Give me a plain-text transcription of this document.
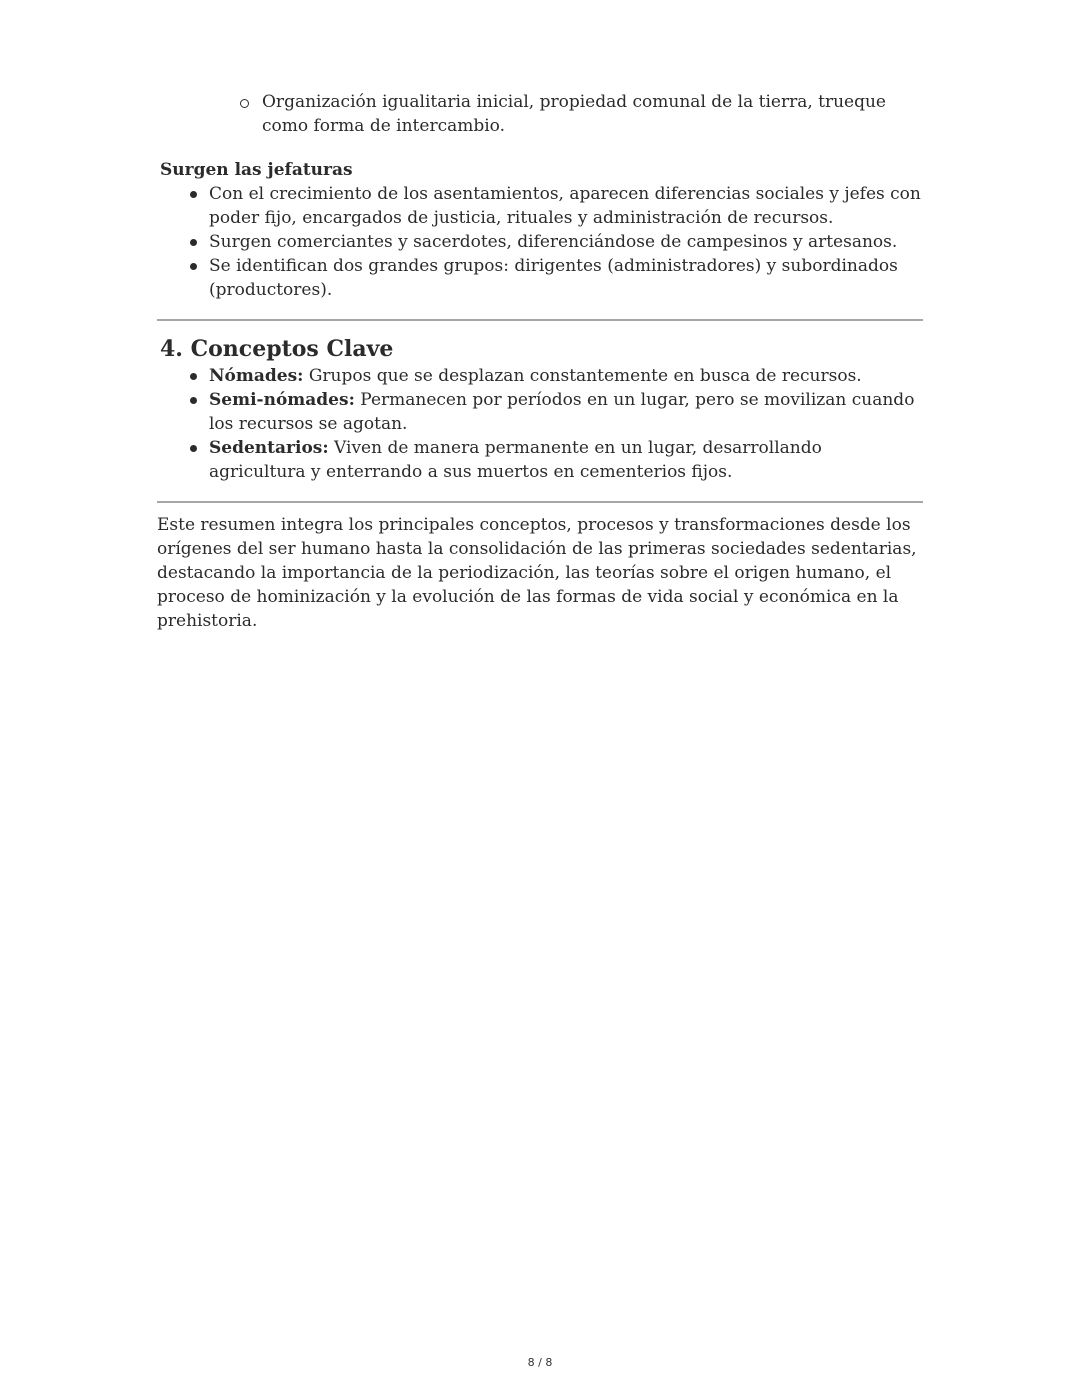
Organización igualitaria inicial, propiedad comunal de la tierra, trueque como forma de intercambio.
Surgen las jefaturas
Con el crecimiento de los asentamientos, aparecen diferencias sociales y jefes con poder fijo, encargados de justicia, rituales y administración de recursos.
Surgen comerciantes y sacerdotes, diferenciándose de campesinos y artesanos.
Se identifican dos grandes grupos: dirigentes (administradores) y subordinados (productores).
4. Conceptos Clave
Nómades: Grupos que se desplazan constantemente en busca de recursos.
Semi-nómades: Permanecen por períodos en un lugar, pero se movilizan cuando los recursos se agotan.
Sedentarios: Viven de manera permanente en un lugar, desarrollando agricultura y enterrando a sus muertos en cementerios fijos.

Este resumen integra los principales conceptos, procesos y transformaciones desde los orígenes del ser humano hasta la consolidación de las primeras sociedades sedentarias, destacando la importancia de la periodización, las teorías sobre el origen humano, el proceso de hominización y la evolución de las formas de vida social y económica en la prehistoria.

8 / 8
